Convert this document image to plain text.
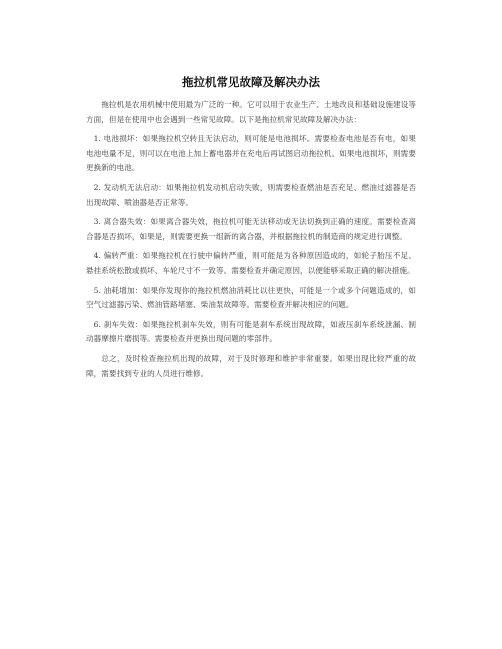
拖拉机常见故障及解决办法

拖拉机是农用机械中使用最为广泛的一种。它可以用于农业生产、土地改良和基础设施建设等方面，但是在使用中也会遇到一些常见故障。以下是拖拉机常见故障及解决办法：

1. 电池损坏：如果拖拉机空转且无法启动，则可能是电池损坏。需要检查电池是否有电，如果电池电量不足，则可以在电池上加上蓄电器并在充电后再试图启动拖拉机。如果电池损坏，则需要更换新的电池。

2. 发动机无法启动：如果拖拉机发动机启动失败，则需要检查燃油是否充足、燃油过滤器是否出现故障、喷油器是否正常等。

3. 离合器失效：如果离合器失效，拖拉机可能无法移动或无法切换到正确的速度。需要检查离合器是否损坏，如果是，则需要更换一组新的离合器，并根据拖拉机的制造商的规定进行调整。

4. 偏转严重：如果拖拉机在行驶中偏转严重，则可能是为各种原因造成的，如轮子胎压不足、悬挂系统松散或损坏、车轮尺寸不一致等。需要检查并确定原因，以便能够采取正确的解决措施。

5. 油耗增加：如果你发现你的拖拉机燃油消耗比以往更快，可能是一个或多个问题造成的，如空气过滤器污染、燃油管路堵塞、柴油泵故障等。需要检查并解决相应的问题。

6. 刹车失效：如果拖拉机刹车失效，则有可能是刹车系统出现故障，如液压刹车系统泄漏、制动器摩擦片磨损等。需要检查并更换出现问题的零部件。

总之，及时检查拖拉机出现的故障，对于及时修理和维护非常重要。如果出现比较严重的故障，需要找到专业的人员进行维修。
